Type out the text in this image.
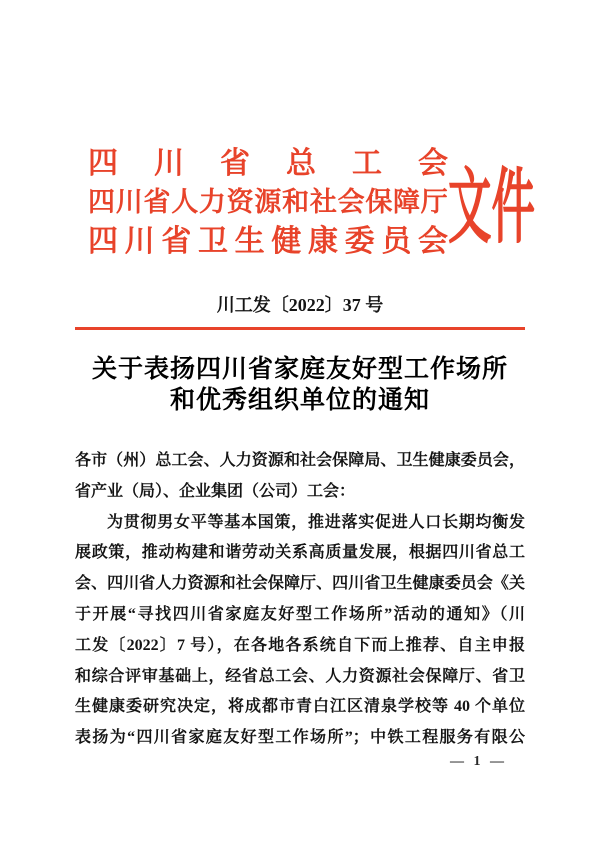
四川省总工会
四川省人力资源和社会保障厅
四川省卫生健康委员会 文件
川工发〔2022〕37 号
关于表扬四川省家庭友好型工作场所
和优秀组织单位的通知
各市（州）总工会、人力资源和社会保障局、卫生健康委员会，
省产业（局）、企业集团（公司）工会：
为贯彻男女平等基本国策，推进落实促进人口长期均衡发
展政策，推动构建和谐劳动关系高质量发展，根据四川省总工
会、四川省人力资源和社会保障厅、四川省卫生健康委员会《关
于开展“寻找四川省家庭友好型工作场所”活动的通知》（川
工发〔2022〕7 号），在各地各系统自下而上推荐、自主申报
和综合评审基础上，经省总工会、人力资源社会保障厅、省卫
生健康委研究决定，将成都市青白江区清泉学校等 40 个单位
表扬为“四川省家庭友好型工作场所”；中铁工程服务有限公
— 1 —
